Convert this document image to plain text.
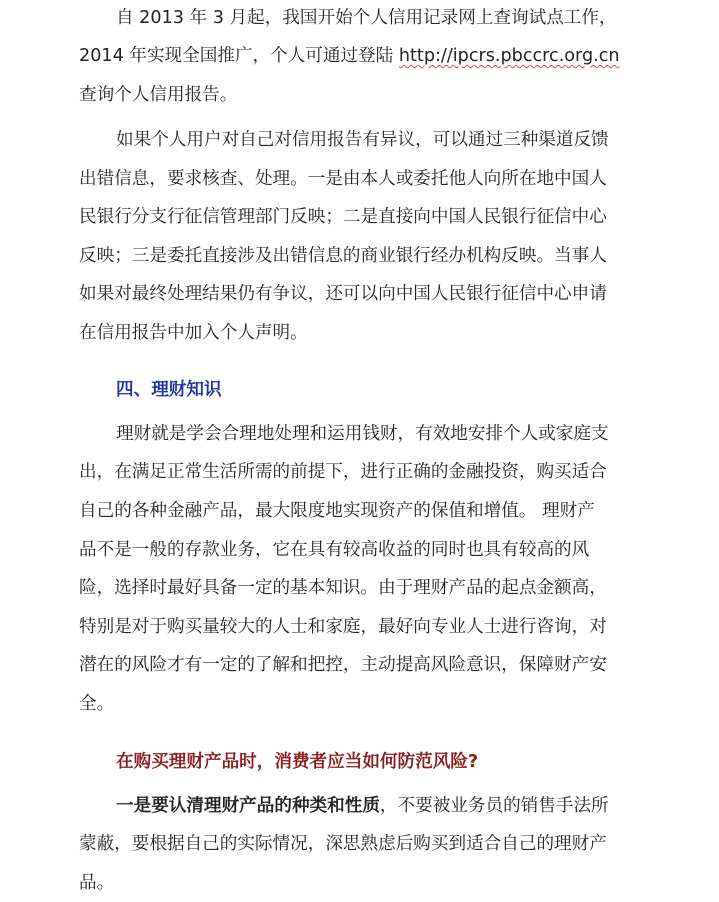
自 2013 年 3 月起，我国开始个人信用记录网上查询试点工作，
2014 年实现全国推广，个人可通过登陆 http://ipcrs.pbccrc.org.cn
查询个人信用报告。
如果个人用户对自己对信用报告有异议，可以通过三种渠道反馈
出错信息，要求核查、处理。一是由本人或委托他人向所在地中国人
民银行分支行征信管理部门反映；二是直接向中国人民银行征信中心
反映；三是委托直接涉及出错信息的商业银行经办机构反映。当事人
如果对最终处理结果仍有争议，还可以向中国人民银行征信中心申请
在信用报告中加入个人声明。
四、理财知识
理财就是学会合理地处理和运用钱财，有效地安排个人或家庭支
出，在满足正常生活所需的前提下，进行正确的金融投资，购买适合
自己的各种金融产品，最大限度地实现资产的保值和增值。 理财产
品不是一般的存款业务，它在具有较高收益的同时也具有较高的风
险，选择时最好具备一定的基本知识。由于理财产品的起点金额高，
特别是对于购买量较大的人士和家庭，最好向专业人士进行咨询，对
潜在的风险才有一定的了解和把控，主动提高风险意识，保障财产安
全。
在购买理财产品时，消费者应当如何防范风险?
一是要认清理财产品的种类和性质，不要被业务员的销售手法所
蒙蔽，要根据自己的实际情况，深思熟虑后购买到适合自己的理财产
品。
